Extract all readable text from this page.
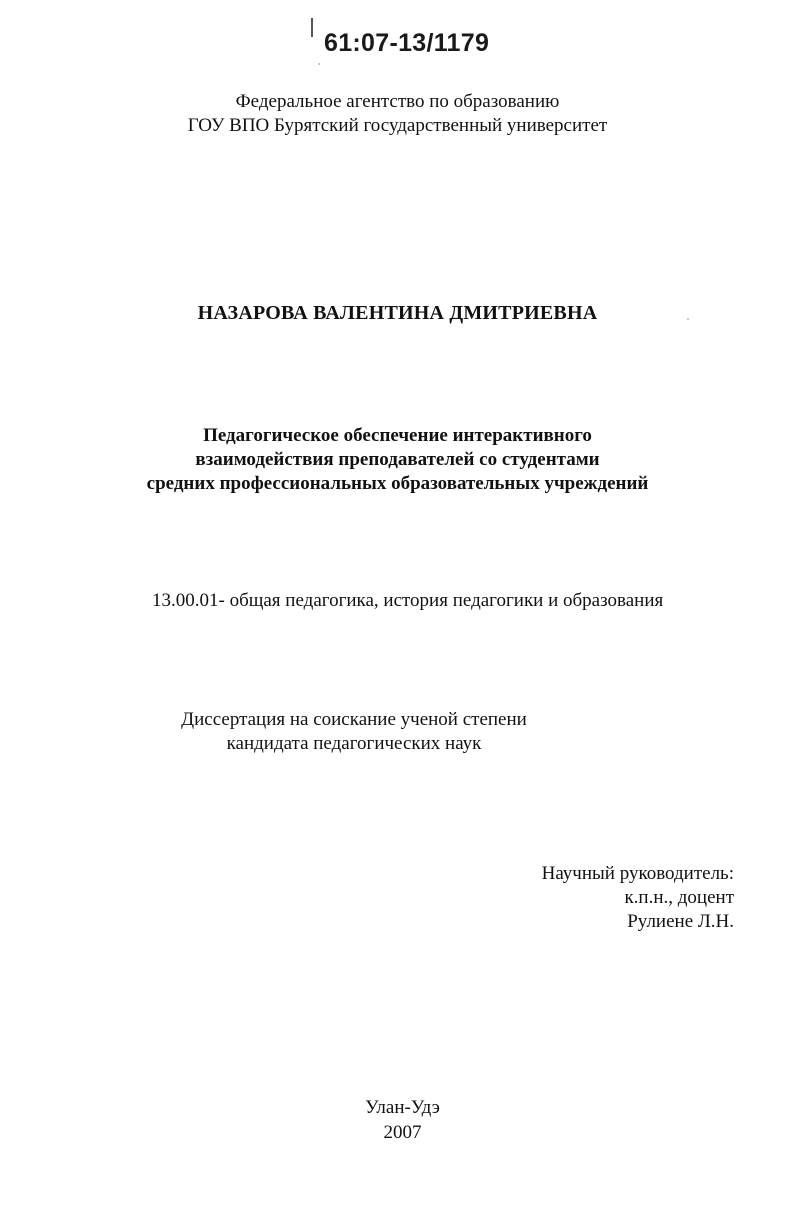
61:07-13/1179
Федеральное агентство по образованию
ГОУ ВПО Бурятский государственный университет
НАЗАРОВА ВАЛЕНТИНА ДМИТРИЕВНА
Педагогическое обеспечение интерактивного
взаимодействия преподавателей со студентами
средних профессиональных образовательных учреждений
13.00.01- общая педагогика, история педагогики и образования
Диссертация на соискание ученой степени
кандидата педагогических наук
Научный руководитель:
к.п.н., доцент
Рулиене Л.Н.
Улан-Удэ
2007
